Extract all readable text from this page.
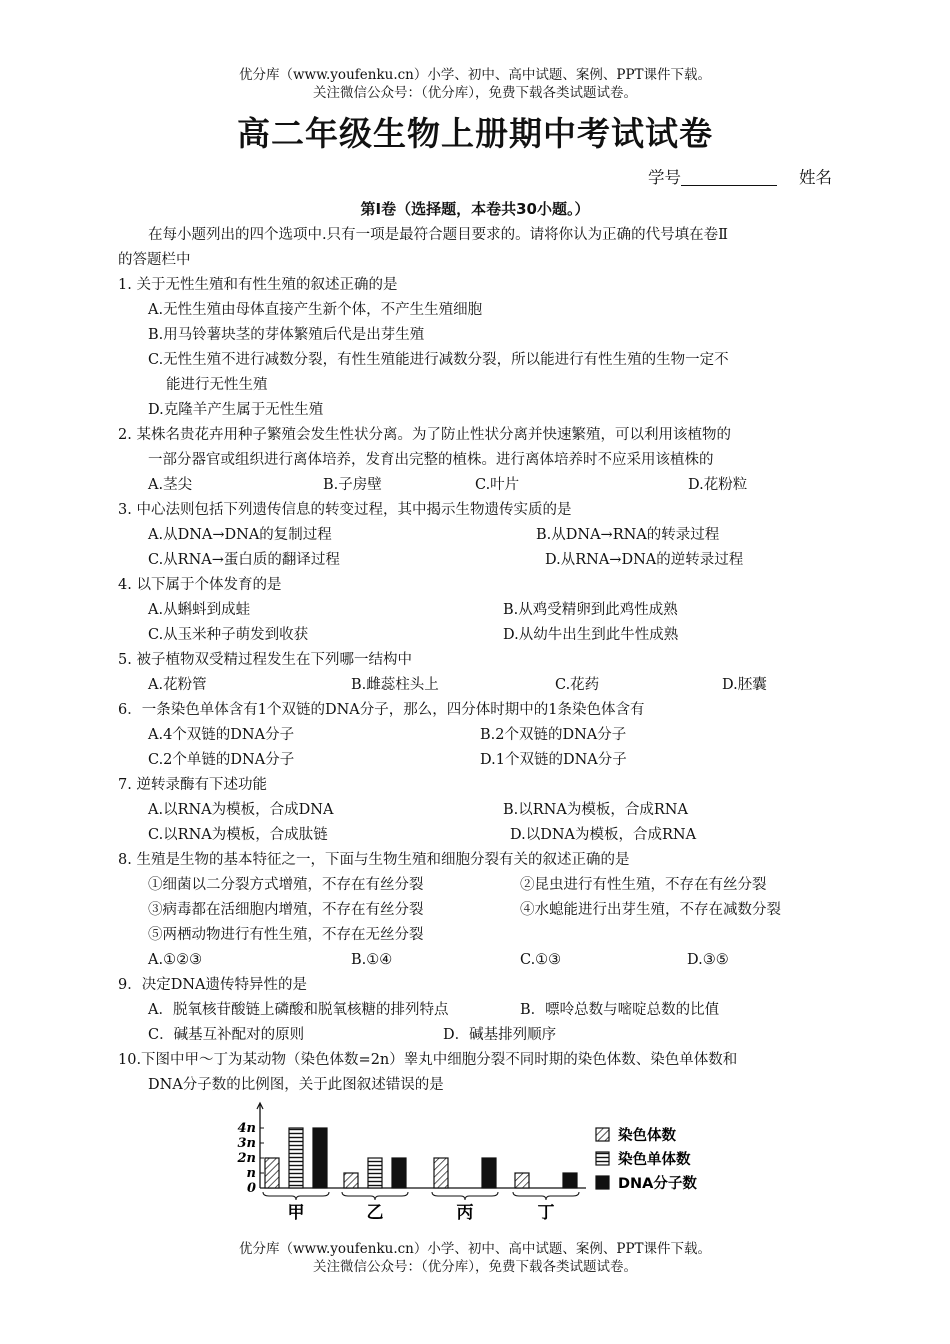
优分库（www.youfenku.cn）小学、初中、高中试题、案例、PPT课件下载。
关注微信公众号：（优分库），免费下载各类试题试卷。
高二年级生物上册期中考试试卷
学号	姓名
第Ⅰ卷（选择题，本卷共30小题。）
在每小题列出的四个选项中.只有一项是最符合题目要求的。请将你认为正确的代号填在卷Ⅱ
的答题栏中
1. 关于无性生殖和有性生殖的叙述正确的是
A.无性生殖由母体直接产生新个体，不产生生殖细胞
B.用马铃薯块茎的芽体繁殖后代是出芽生殖
C.无性生殖不进行减数分裂，有性生殖能进行减数分裂，所以能进行有性生殖的生物一定不
能进行无性生殖
D.克隆羊产生属于无性生殖
2. 某株名贵花卉用种子繁殖会发生性状分离。为了防止性状分离并快速繁殖，可以利用该植物的
一部分器官或组织进行离体培养，发育出完整的植株。进行离体培养时不应采用该植株的
A.茎尖	B.子房壁	C.叶片	D.花粉粒
3. 中心法则包括下列遗传信息的转变过程，其中揭示生物遗传实质的是
A.从DNA→DNA的复制过程	B.从DNA→RNA的转录过程
C.从RNA→蛋白质的翻译过程	D.从RNA→DNA的逆转录过程
4. 以下属于个体发育的是
A.从蝌蚪到成蛙	B.从鸡受精卵到此鸡性成熟
C.从玉米种子萌发到收获	D.从幼牛出生到此牛性成熟
5. 被子植物双受精过程发生在下列哪一结构中
A.花粉管	B.雌蕊柱头上	C.花药	D.胚囊
6．一条染色单体含有1个双链的DNA分子，那么，四分体时期中的1条染色体含有
A.4个双链的DNA分子	B.2个双链的DNA分子
C.2个单链的DNA分子	D.1个双链的DNA分子
7. 逆转录酶有下述功能
A.以RNA为模板，合成DNA	B.以RNA为模板，合成RNA
C.以RNA为模板，合成肽链	D.以DNA为模板，合成RNA
8. 生殖是生物的基本特征之一，下面与生物生殖和细胞分裂有关的叙述正确的是
①细菌以二分裂方式增殖，不存在有丝分裂	②昆虫进行有性生殖，不存在有丝分裂
③病毒都在活细胞内增殖，不存在有丝分裂	④水螅能进行出芽生殖，不存在减数分裂
⑤两栖动物进行有性生殖，不存在无丝分裂
A.①②③	B.①④	C.①③	D.③⑤
9．决定DNA遗传特异性的是
A．脱氧核苷酸链上磷酸和脱氧核糖的排列特点	B．嘌呤总数与嘧啶总数的比值
C．碱基互补配对的原则	D．碱基排列顺序
10.下图中甲～丁为某动物（染色体数=2n）睾丸中细胞分裂不同时期的染色体数、染色单体数和
DNA分子数的比例图，关于此图叙述错误的是
0
n
2n
3n
4n
甲	乙	丙	丁
染色体数
染色单体数
DNA分子数
优分库（www.youfenku.cn）小学、初中、高中试题、案例、PPT课件下载。
关注微信公众号：（优分库），免费下载各类试题试卷。
